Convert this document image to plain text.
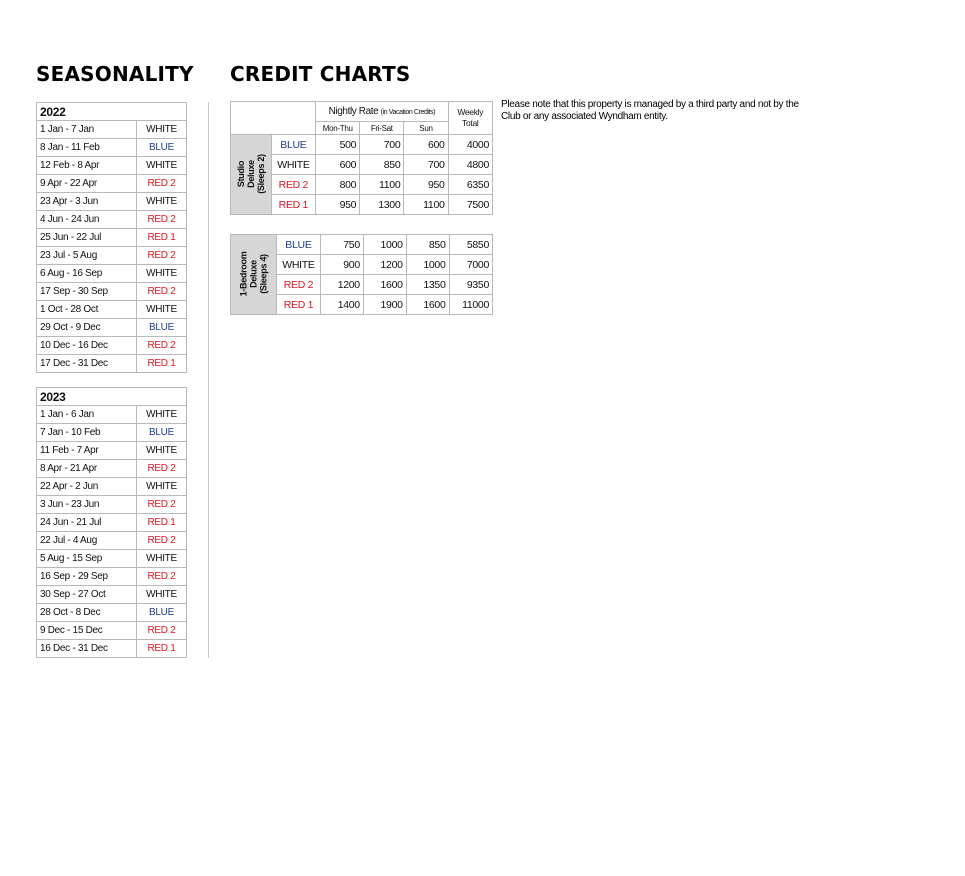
SEASONALITY CREDIT CHARTS
2022	
1 Jan - 7 Jan	WHITE
8 Jan - 11 Feb	BLUE
12 Feb - 8 Apr	WHITE
9 Apr - 22 Apr	RED 2
23 Apr - 3 Jun	WHITE
4 Jun - 24 Jun	RED 2
25 Jun - 22 Jul	RED 1
23 Jul - 5 Aug	RED 2
6 Aug - 16 Sep	WHITE
17 Sep - 30 Sep	RED 2
1 Oct - 28 Oct	WHITE
29 Oct - 9 Dec	BLUE
10 Dec - 16 Dec	RED 2
17 Dec - 31 Dec	RED 1
2023	
1 Jan - 6 Jan	WHITE
7 Jan - 10 Feb	BLUE
11 Feb - 7 Apr	WHITE
8 Apr - 21 Apr	RED 2
22 Apr - 2 Jun	WHITE
3 Jun - 23 Jun	RED 2
24 Jun - 21 Jul	RED 1
22 Jul - 4 Aug	RED 2
5 Aug - 15 Sep	WHITE
16 Sep - 29 Sep	RED 2
30 Sep - 27 Oct	WHITE
28 Oct - 8 Dec	BLUE
9 Dec - 15 Dec	RED 2
16 Dec - 31 Dec	RED 1
		Nightly Rate (in Vacation Credits)			Weekly Total
		Mon-Thu	Fri-Sat	Sun	
Studio
Deluxe
(Sleeps 2)	BLUE	500	700	600	4000
	WHITE	600	850	700	4800
	RED 2	800	1100	950	6350
	RED 1	950	1300	1100	7500
1-Bedroom
Deluxe
(Sleeps 4)	BLUE	750	1000	850	5850
	WHITE	900	1200	1000	7000
	RED 2	1200	1600	1350	9350
	RED 1	1400	1900	1600	11000
Please note that this property is managed by a third party and not by the Club or any associated Wyndham entity.
